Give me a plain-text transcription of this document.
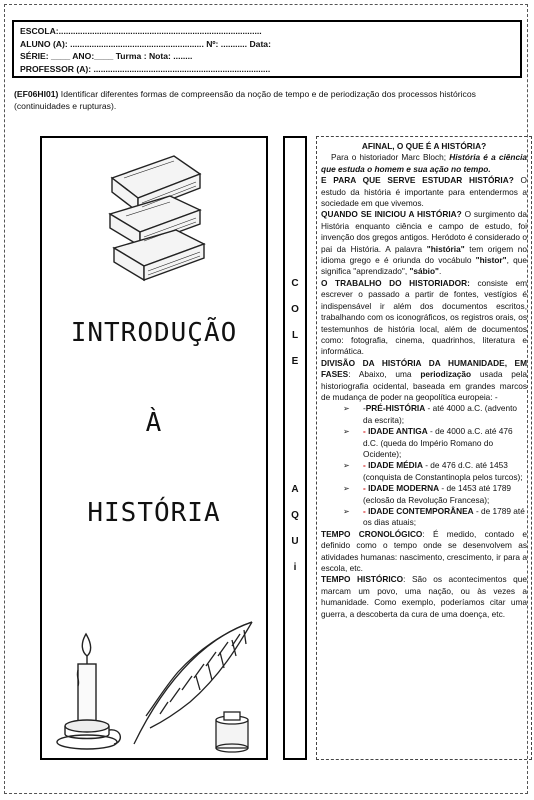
ESCOLA:.....................................................................................
ALUNO (A): ........................................................ Nº: ........... Data:
SÉRIE: ____ ANO:____ Turma : Nota: ........
PROFESSOR (A): ..........................................................................
(EF06HI01) Identificar diferentes formas de compreensão da noção de tempo e de periodização dos processos históricos (continuidades e rupturas).
INTRODUÇÃO
À
HISTÓRIA
C
O
L
E
A
Q
U
i

AFINAL, O QUE É A HISTÓRIA?

Para o historiador Marc Bloch; História é a ciência que estuda o homem e sua ação no tempo.

E PARA QUE SERVE ESTUDAR HISTÓRIA? O estudo da história é importante para entendermos a sociedade em que vivemos.

QUANDO SE INICIOU A HISTÓRIA? O surgimento da História enquanto ciência e campo de estudo, foi invenção dos gregos antigos. Heródoto é considerado o pai da História. A palavra "história" tem origem no idioma grego e é oriunda do vocábulo "histor", que significa "aprendizado", "sábio".

O TRABALHO DO HISTORIADOR: consiste em escrever o passado a partir de fontes, vestígios é indispensável ir além dos documentos escritos, trabalhando com os iconográficos, os registros orais, os testemunhos de história local, além de documentos como: fotografia, cinema, quadrinhos, literatura e informática.

DIVISÃO DA HISTÓRIA DA HUMANIDADE, EM FASES: Abaixo, uma periodização usada pela historiografia ocidental, baseada em grandes marcos de mudança de poder na geopolítica europeia: -

➢ -PRÉ-HISTÓRIA - até 4000 a.C. (advento da escrita);
➢ - IDADE ANTIGA - de 4000 a.C. até 476 d.C. (queda do Império Romano do Ocidente);
➢ - IDADE MÉDIA - de 476 d.C. até 1453 (conquista de Constantinopla pelos turcos);
➢ - IDADE MODERNA - de 1453 até 1789 (eclosão da Revolução Francesa);
➢ - IDADE CONTEMPORÂNEA - de 1789 até os dias atuais;

TEMPO CRONOLÓGICO: É medido, contado e definido como o tempo onde se desenvolvem as atividades humanas: nascimento, crescimento, ir para a escola, etc.

TEMPO HISTÓRICO: São os acontecimentos que marcam um povo, uma nação, ou às vezes a humanidade. Como exemplo, poderíamos citar uma guerra, a descoberta da cura de uma doença, etc.
